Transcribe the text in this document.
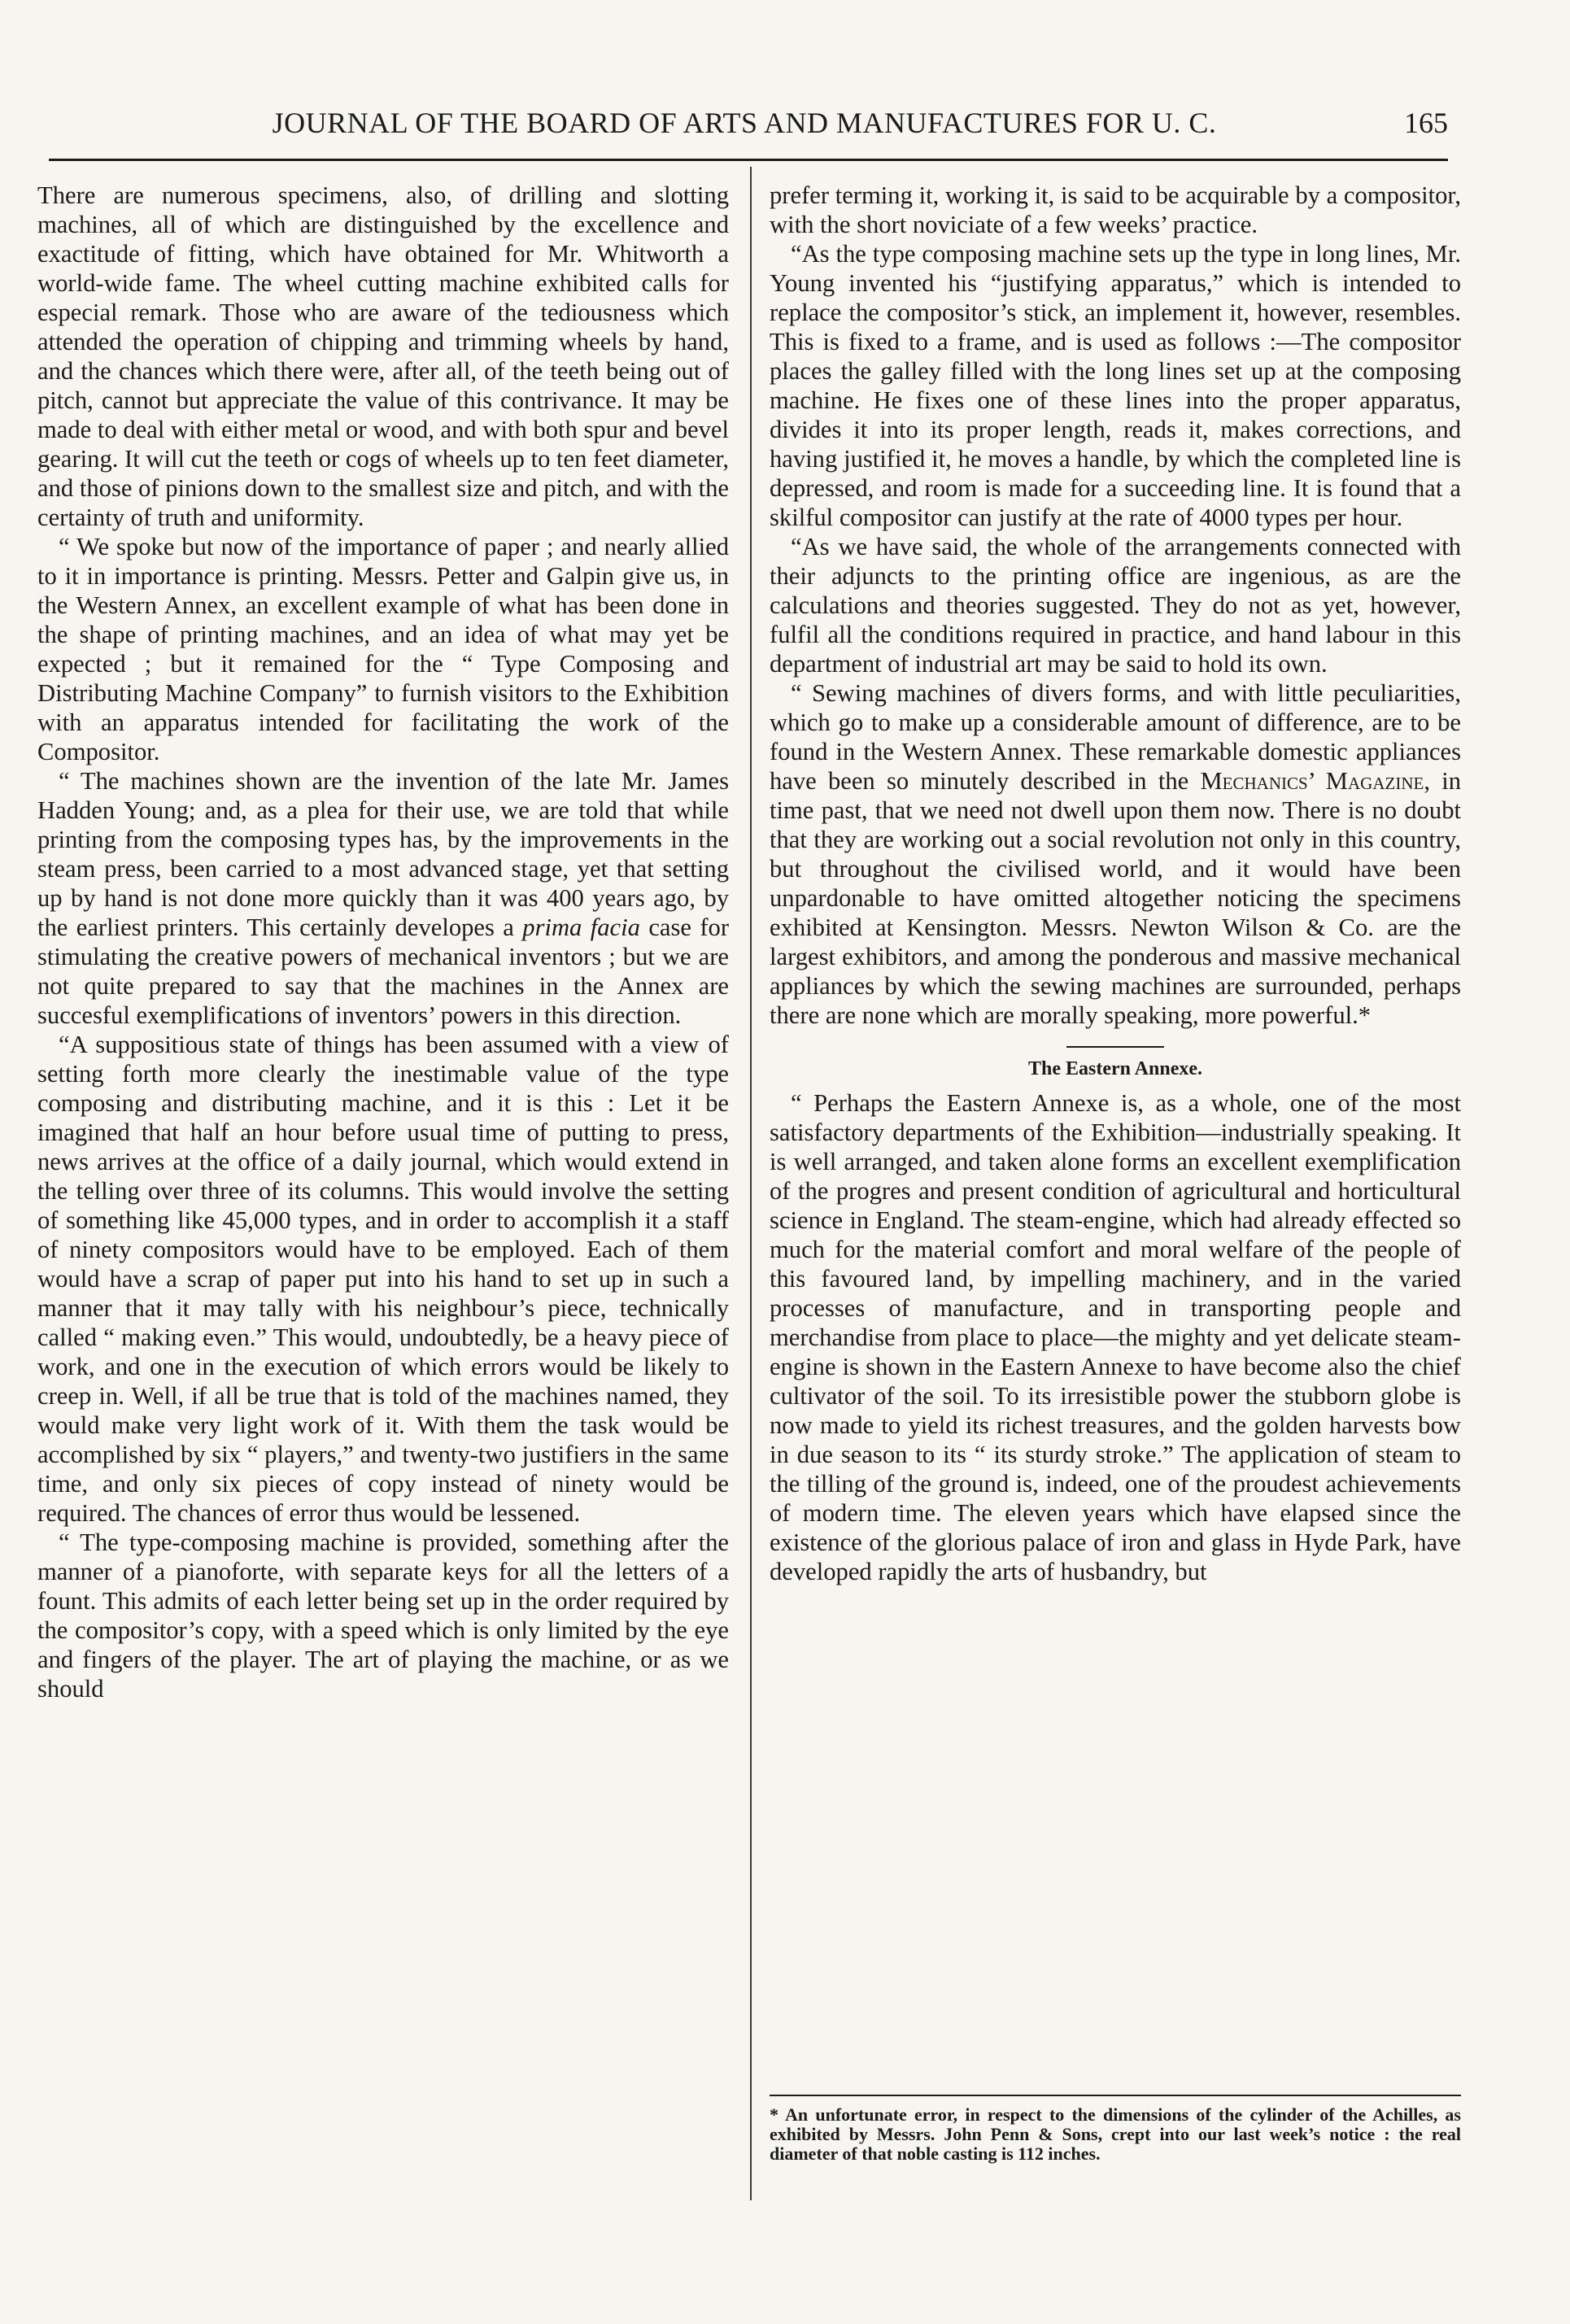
JOURNAL OF THE BOARD OF ARTS AND MANUFACTURES FOR U. C.	165

There are numerous specimens, also, of drilling and slotting machines, all of which are distinguished by the excellence and exactitude of fitting, which have obtained for Mr. Whitworth a world-wide fame. The wheel cutting machine exhibited calls for especial remark. Those who are aware of the tediousness which attended the operation of chipping and trimming wheels by hand, and the chances which there were, after all, of the teeth being out of pitch, cannot but appreciate the value of this contrivance. It may be made to deal with either metal or wood, and with both spur and bevel gearing. It will cut the teeth or cogs of wheels up to ten feet diameter, and those of pinions down to the smallest size and pitch, and with the certainty of truth and uniformity.

“ We spoke but now of the importance of paper ; and nearly allied to it in importance is printing. Messrs. Petter and Galpin give us, in the Western Annex, an excellent example of what has been done in the shape of printing machines, and an idea of what may yet be expected ; but it remained for the “ Type Composing and Distributing Machine Company” to furnish visitors to the Exhibition with an apparatus intended for facilitating the work of the Compositor.

“ The machines shown are the invention of the late Mr. James Hadden Young; and, as a plea for their use, we are told that while printing from the composing types has, by the improvements in the steam press, been carried to a most advanced stage, yet that setting up by hand is not done more quickly than it was 400 years ago, by the earliest printers. This certainly developes a prima facia case for stimulating the creative powers of mechanical inventors ; but we are not quite prepared to say that the machines in the Annex are succesful exemplifications of inventors’ powers in this direction.

“A suppositious state of things has been assumed with a view of setting forth more clearly the inestimable value of the type composing and distributing machine, and it is this : Let it be imagined that half an hour before usual time of putting to press, news arrives at the office of a daily journal, which would extend in the telling over three of its columns. This would involve the setting of something like 45,000 types, and in order to accomplish it a staff of ninety compositors would have to be employed. Each of them would have a scrap of paper put into his hand to set up in such a manner that it may tally with his neighbour’s piece, technically called “ making even.” This would, undoubtedly, be a heavy piece of work, and one in the execution of which errors would be likely to creep in. Well, if all be true that is told of the machines named, they would make very light work of it. With them the task would be accomplished by six “ players,” and twenty-two justifiers in the same time, and only six pieces of copy instead of ninety would be required. The chances of error thus would be lessened.

“ The type-composing machine is provided, something after the manner of a pianoforte, with separate keys for all the letters of a fount. This admits of each letter being set up in the order required by the compositor’s copy, with a speed which is only limited by the eye and fingers of the player. The art of playing the machine, or as we should

prefer terming it, working it, is said to be acquirable by a compositor, with the short noviciate of a few weeks’ practice.

“As the type composing machine sets up the type in long lines, Mr. Young invented his “justifying apparatus,” which is intended to replace the compositor’s stick, an implement it, however, resembles. This is fixed to a frame, and is used as follows :—The compositor places the galley filled with the long lines set up at the composing machine. He fixes one of these lines into the proper apparatus, divides it into its proper length, reads it, makes corrections, and having justified it, he moves a handle, by which the completed line is depressed, and room is made for a succeeding line. It is found that a skilful compositor can justify at the rate of 4000 types per hour.

“As we have said, the whole of the arrangements connected with their adjuncts to the printing office are ingenious, as are the calculations and theories suggested. They do not as yet, however, fulfil all the conditions required in practice, and hand labour in this department of industrial art may be said to hold its own.

“ Sewing machines of divers forms, and with little peculiarities, which go to make up a considerable amount of difference, are to be found in the Western Annex. These remarkable domestic appliances have been so minutely described in the Mechanics’ Magazine, in time past, that we need not dwell upon them now. There is no doubt that they are working out a social revolution not only in this country, but throughout the civilised world, and it would have been unpardonable to have omitted altogether noticing the specimens exhibited at Kensington. Messrs. Newton Wilson & Co. are the largest exhibitors, and among the ponderous and massive mechanical appliances by which the sewing machines are surrounded, perhaps there are none which are morally speaking, more powerful.*

The Eastern Annexe.

“ Perhaps the Eastern Annexe is, as a whole, one of the most satisfactory departments of the Exhibition—industrially speaking. It is well arranged, and taken alone forms an excellent exemplification of the progres and present condition of agricultural and horticultural science in England. The steam-engine, which had already effected so much for the material comfort and moral welfare of the people of this favoured land, by impelling machinery, and in the varied processes of manufacture, and in transporting people and merchandise from place to place—the mighty and yet delicate steam-engine is shown in the Eastern Annexe to have become also the chief cultivator of the soil. To its irresistible power the stubborn globe is now made to yield its richest treasures, and the golden harvests bow in due season to its “ its sturdy stroke.” The application of steam to the tilling of the ground is, indeed, one of the proudest achievements of modern time. The eleven years which have elapsed since the existence of the glorious palace of iron and glass in Hyde Park, have developed rapidly the arts of husbandry, but

* An unfortunate error, in respect to the dimensions of the cylinder of the Achilles, as exhibited by Messrs. John Penn & Sons, crept into our last week’s notice : the real diameter of that noble casting is 112 inches.
